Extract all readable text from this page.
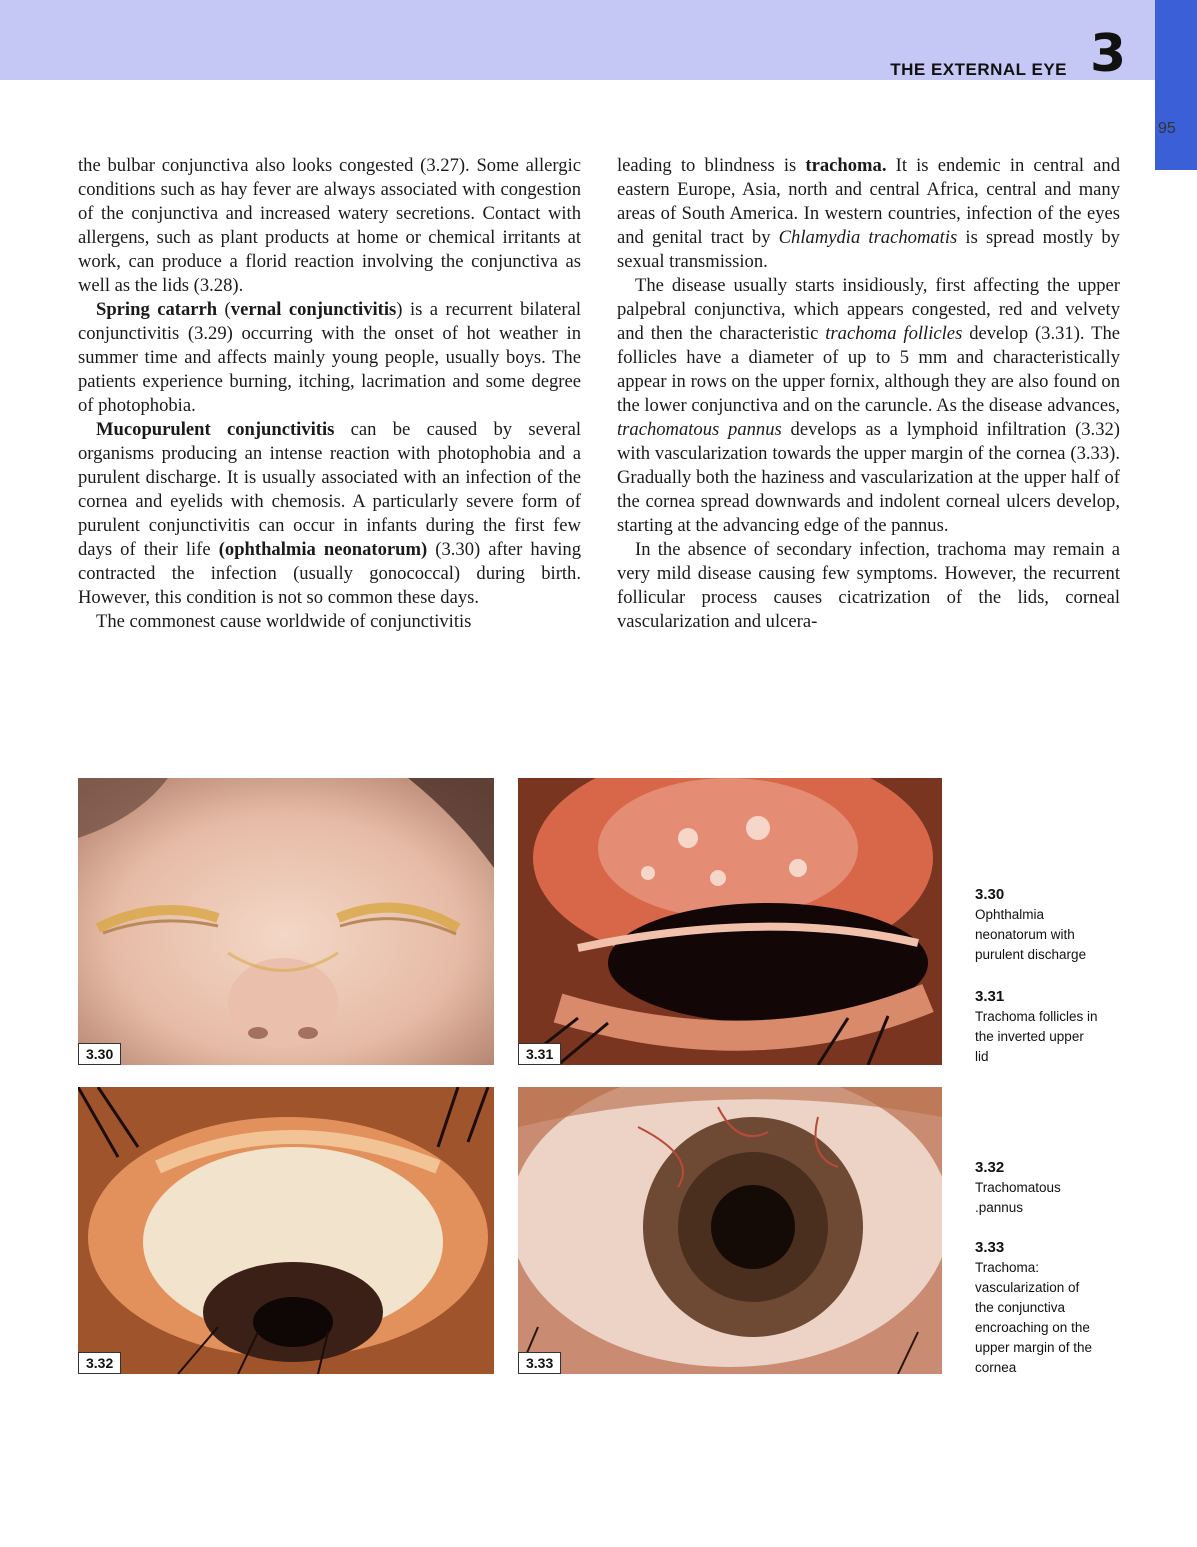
THE EXTERNAL EYE 3
95

the bulbar conjunctiva also looks congested (3.27). Some allergic conditions such as hay fever are always associated with congestion of the conjunctiva and increased watery secretions. Contact with allergens, such as plant products at home or chemical irritants at work, can produce a florid reaction involving the conjunctiva as well as the lids (3.28).

Spring catarrh (vernal conjunctivitis) is a recurrent bilateral conjunctivitis (3.29) occurring with the onset of hot weather in summer time and affects mainly young people, usually boys. The patients experience burning, itching, lacrimation and some degree of photophobia.

Mucopurulent conjunctivitis can be caused by several organisms producing an intense reaction with photophobia and a purulent discharge. It is usually associated with an infection of the cornea and eyelids with chemosis. A particularly severe form of purulent conjunctivitis can occur in infants during the first few days of their life (ophthalmia neonatorum) (3.30) after having contracted the infection (usually gonococcal) during birth. However, this condition is not so common these days.

The commonest cause worldwide of conjunctivitis

leading to blindness is trachoma. It is endemic in central and eastern Europe, Asia, north and central Africa, central and many areas of South America. In western countries, infection of the eyes and genital tract by Chlamydia trachomatis is spread mostly by sexual transmission.

The disease usually starts insidiously, first affecting the upper palpebral conjunctiva, which appears congested, red and velvety and then the characteristic trachoma follicles develop (3.31). The follicles have a diameter of up to 5 mm and characteristically appear in rows on the upper fornix, although they are also found on the lower conjunctiva and on the caruncle. As the disease advances, trachomatous pannus develops as a lymphoid infiltration (3.32) with vascularization towards the upper margin of the cornea (3.33). Gradually both the haziness and vascularization at the upper half of the cornea spread downwards and indolent corneal ulcers develop, starting at the advancing edge of the pannus.

In the absence of secondary infection, trachoma may remain a very mild disease causing few symptoms. However, the recurrent follicular process causes cicatrization of the lids, corneal vascularization and ulcera-

3.30	3.31
3.32	3.33
3.30
Ophthalmia
neonatorum with
purulent discharge
3.31
Trachoma follicles in
the inverted upper
lid
3.32
Trachomatous
.pannus
3.33
Trachoma:
vascularization of
the conjunctiva
encroaching on the
upper margin of the
cornea
